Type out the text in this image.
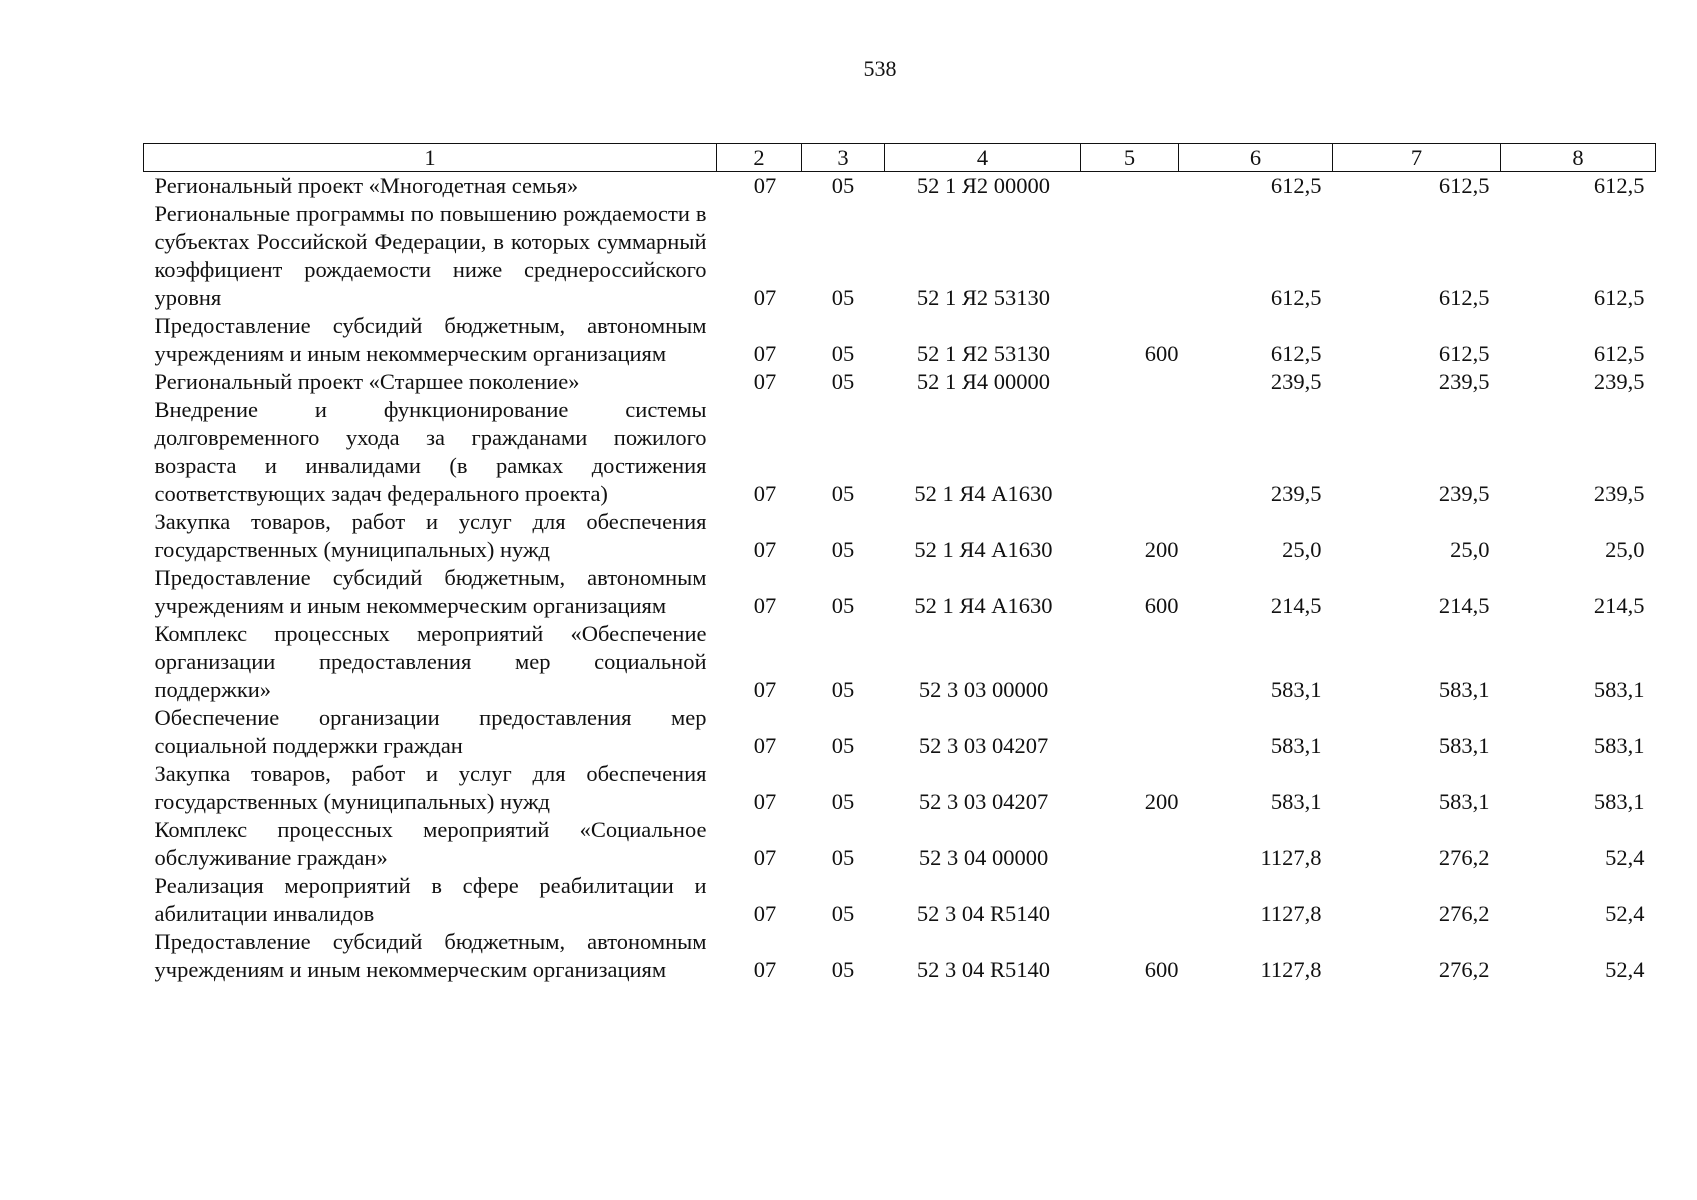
538
1	2	3	4	5	6	7	8
Региональный проект «Многодетная семья»	07	05	52 1 Я2 00000		612,5	612,5	612,5
Региональные программы по повышению рождаемости в субъектах Российской Федерации, в которых суммарный коэффициент рождаемости ниже среднероссийского уровня	07	05	52 1 Я2 53130		612,5	612,5	612,5
Предоставление субсидий бюджетным, автономным учреждениям и иным некоммерческим организациям	07	05	52 1 Я2 53130	600	612,5	612,5	612,5
Региональный проект «Старшее поколение»	07	05	52 1 Я4 00000		239,5	239,5	239,5
Внедрение и функционирование системы долговременного ухода за гражданами пожилого возраста и инвалидами (в рамках достижения соответствующих задач федерального проекта)	07	05	52 1 Я4 А1630		239,5	239,5	239,5
Закупка товаров, работ и услуг для обеспечения государственных (муниципальных) нужд	07	05	52 1 Я4 А1630	200	25,0	25,0	25,0
Предоставление субсидий бюджетным, автономным учреждениям и иным некоммерческим организациям	07	05	52 1 Я4 А1630	600	214,5	214,5	214,5
Комплекс процессных мероприятий «Обеспечение организации предоставления мер социальной поддержки»	07	05	52 3 03 00000		583,1	583,1	583,1
Обеспечение организации предоставления мер социальной поддержки граждан	07	05	52 3 03 04207		583,1	583,1	583,1
Закупка товаров, работ и услуг для обеспечения государственных (муниципальных) нужд	07	05	52 3 03 04207	200	583,1	583,1	583,1
Комплекс процессных мероприятий «Социальное обслуживание граждан»	07	05	52 3 04 00000		1127,8	276,2	52,4
Реализация мероприятий в сфере реабилитации и абилитации инвалидов	07	05	52 3 04 R5140		1127,8	276,2	52,4
Предоставление субсидий бюджетным, автономным учреждениям и иным некоммерческим организациям	07	05	52 3 04 R5140	600	1127,8	276,2	52,4
